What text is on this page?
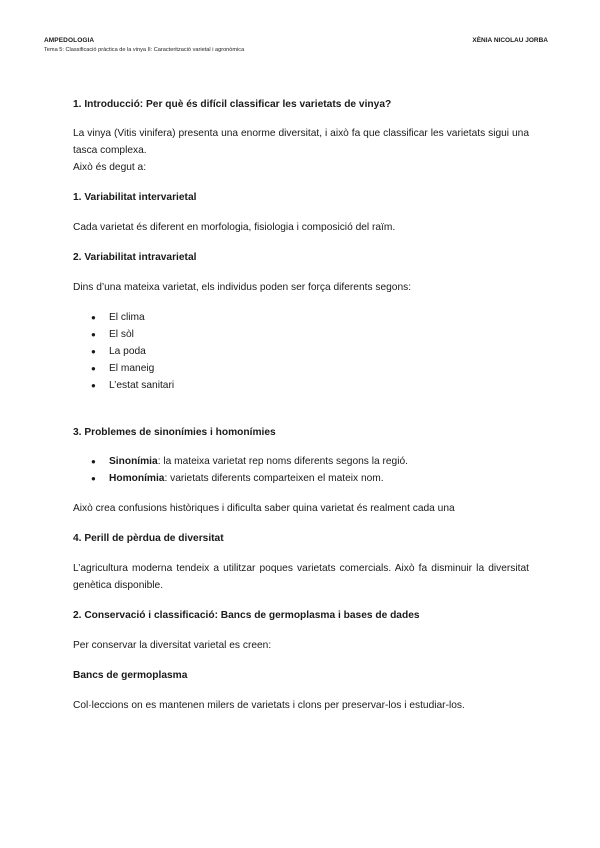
AMPEDOLOGIA
Tema 5: Classificació pràctica de la vinya II: Caracterització varietal i agronòmica
XÈNIA NICOLAU JORBA
1. Introducció: Per què és difícil classificar les varietats de vinya?

La vinya (Vitis vinifera) presenta una enorme diversitat, i això fa que classificar les varietats sigui una tasca complexa.

Això és degut a:

1. Variabilitat intervarietal

Cada varietat és diferent en morfologia, fisiologia i composició del raïm.

2. Variabilitat intravarietal

Dins d’una mateixa varietat, els individus poden ser força diferents segons:

● El clima
● El sòl
● La poda
● El maneig
● L’estat sanitari
3. Problemes de sinonímies i homonímies
● Sinonímia: la mateixa varietat rep noms diferents segons la regió.
● Homonímia: varietats diferents comparteixen el mateix nom.

Això crea confusions històriques i dificulta saber quina varietat és realment cada una

4. Perill de pèrdua de diversitat

L’agricultura moderna tendeix a utilitzar poques varietats comercials. Això fa disminuir la diversitat genètica disponible.

2. Conservació i classificació: Bancs de germoplasma i bases de dades

Per conservar la diversitat varietal es creen:

Bancs de germoplasma

Col·leccions on es mantenen milers de varietats i clons per preservar-los i estudiar-los.
